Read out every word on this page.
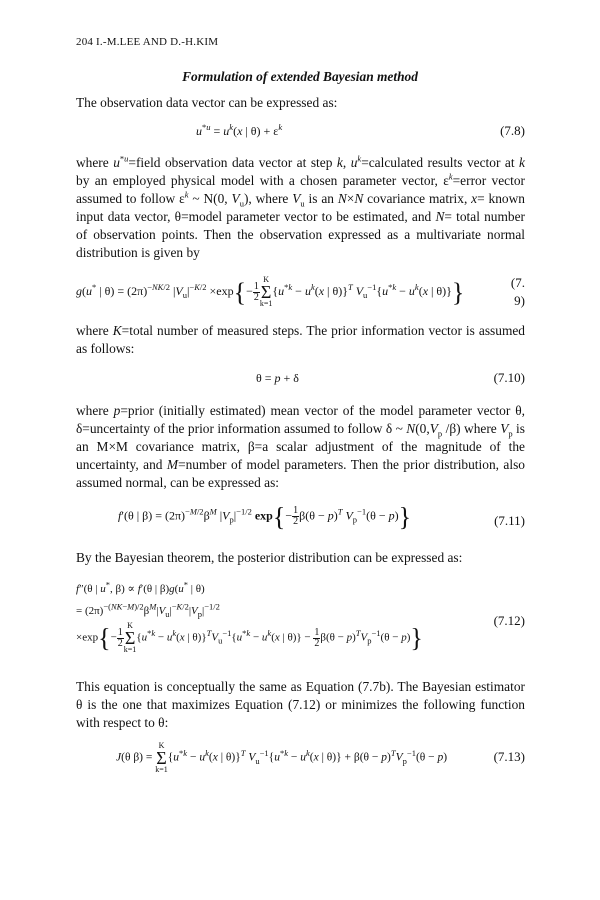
204 I.-M.LEE AND D.-H.KIM
Formulation of extended Bayesian method
The observation data vector can be expressed as:
$u^{*u} = u^k(x$ | $\theta) + \varepsilon^k$	(7.8)
where $u^{*u}=field$ observation data vector at step k, $u^k=calculated$ results vector at k by an employed physical model with a chosen parameter vector, $\varepsilon^k=error$ vector assumed to follow $\varepsilon^k$ ~ N(0, $V_u$), where $V_u$ is an N×N covariance matrix, x= known input data vector, θ=model parameter vector to be estimated, and N= total number of observation points. Then the observation expressed as a multivariate normal distribution is given by
g(u* | $\theta) = (2\pi)^{-NK/2}$ $|V_u|^{-K/2} \times\exp\{- \frac{1}{2}$
K
Σ
$k=1\{u^{*k} - u^k(x$ | θ)}$^T$ $V_u^{-1}\{u^{*k} - u^k(x$ | θ)}}	(7.
9)
where K=total number of measured steps. The prior information vector is assumed as follows:
θ = p + δ	(7.10)
where p=prior (initially estimated) mean vector of the model parameter vector θ, δ=uncertainty of the prior information assumed to follow δ ~ $N(0,V_p$ /β) where $V_p$ is an M×M covariance matrix, β=a scalar adjustment of the magnitude of the uncertainty, and M=number of model parameters. Then the prior distribution, also assumed normal, can be expressed as:
f′(θ | $\beta) = (2\pi)^{-M/2}\beta^M$ $|V_p|^{-1/2}$ $\exp\{- \frac{1}{2} \beta(\theta - p)^T$ $V_p^{-1}(\theta - p)$}	(7.11)
By the Bayesian theorem, the posterior distribution can be expressed as:
f″(θ | u*, β) ∝ f′(θ | β)g(u* | θ)
= $(2\pi)^{-(NK-M)/2}\beta^M|V_u|^{-K/2}|V_p|^{-1/2}$
$\times\exp\{- \frac{1}{2}$
K
Σ
$k=1\{u^{*k} - u^k(x$ | $\theta)\}^TV_u^{-1}\{u^{*k} - u^k(x$ | $\theta)\} - \frac{1}{2} \beta(\theta - p)^TV_p^{-1}(\theta - p)$}
(7.12)
This equation is conceptually the same as Equation (7.7b). The Bayesian estimator θ is the one that maximizes Equation (7.12) or minimizes the following function with respect to θ:
J(θ β) = K
Σ
$k=1\{u^{*k} - u^k(x$ | θ)}$^T$ $V_u^{-1}\{u^{*k} - u^k(x$ | $\theta)\} + \beta(\theta - p)^TV_p^{-1}(\theta - p)$	(7.13)
